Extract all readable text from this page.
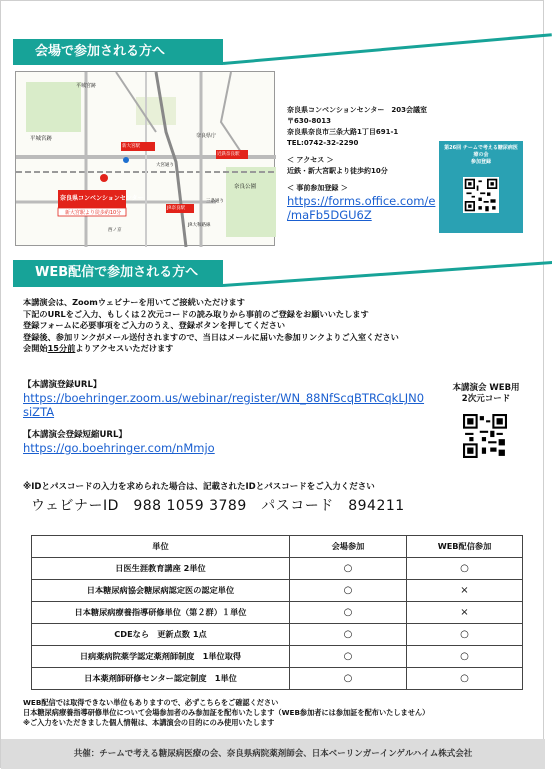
会場で参加される方へ
平城宮跡
平城宮跡
新大宮駅
近鉄奈良駅
JR奈良駅
奈良県庁
奈良公園
三条通り
大宮通り
JR大和路線
西ノ京
奈良県コンベンションセンター
新大宮駅より徒歩約10分
奈良県コンベンションセンター　203会議室
〒630-8013
奈良県奈良市三条大路1丁目691-1
TEL:0742-32-2290
＜ アクセス ＞
近鉄・新大宮駅より徒歩約10分
＜ 事前参加登録 ＞
https://forms.office.com/e
/maFb5DGU6Z
第26回 チームで考える糖尿病医療の会
参加登録
WEB配信で参加される方へ
本講演会は、Zoomウェビナーを用いてご接続いただけます
下記のURLをご入力、もしくは２次元コードの読み取りから事前のご登録をお願いいたします
登録フォームに必要事項をご入力のうえ、登録ボタンを押してください
登録後、参加リンクがメール送付されますので、当日はメールに届いた参加リンクよりご入室ください
会開始15分前よりアクセスいただけます
【本講演登録URL】
https://boehringer.zoom.us/webinar/register/WN_88NfScqBTRCqkLJN0
siZTA
【本講演会登録短縮URL】
https://go.boehringer.com/nMmjo
本講演会 WEB用
2次元コード
※IDとパスコードの入力を求められた場合は、記載されたIDとパスコードをご入力ください
ウェビナーID　988 1059 3789　パスコード　894211
単位	会場参加	WEB配信参加
日医生涯教育講座 2単位	○	○
日本糖尿病協会糖尿病認定医の認定単位	○	×
日本糖尿病療養指導研修単位（第２群）１単位	○	×
CDEなら　更新点数 1点	○	○
日病薬病院薬学認定薬剤師制度　1単位取得	○	○
日本薬剤師研修センター認定制度　1単位	○	○
WEB配信では取得できない単位もありますので、必ずこちらをご確認ください
日本糖尿病療養指導研修単位について会場参加者のみ参加証を配布いたします（WEB参加者には参加証を配布いたしません）
※ご入力をいただきました個人情報は、本講演会の目的にのみ使用いたします
共催：チームで考える糖尿病医療の会、奈良県病院薬剤師会、日本ベーリンガーインゲルハイム株式会社
